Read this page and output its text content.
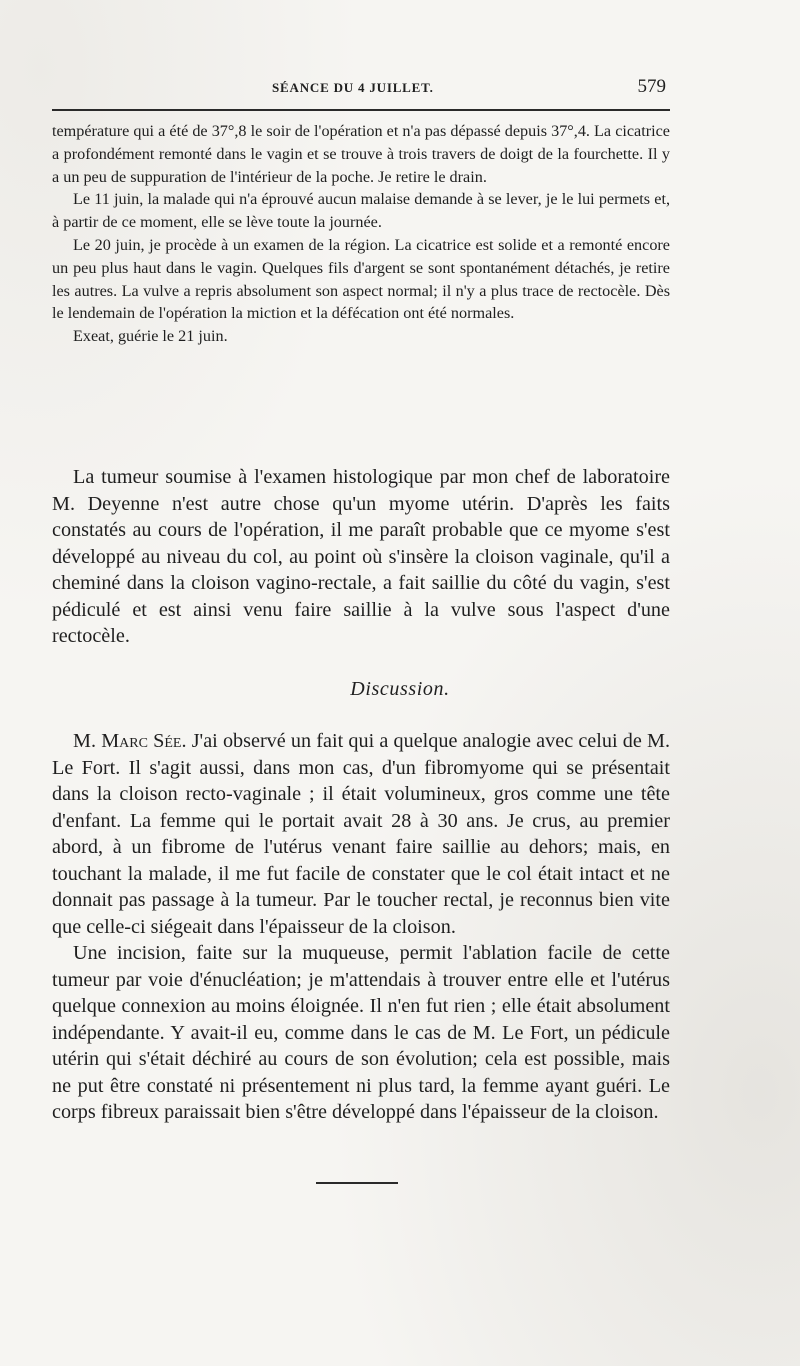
SÉANCE DU 4 JUILLET.	579

température qui a été de 37°,8 le soir de l'opération et n'a pas dépassé depuis 37°,4. La cicatrice a profondément remonté dans le vagin et se trouve à trois travers de doigt de la fourchette. Il y a un peu de suppuration de l'intérieur de la poche. Je retire le drain.

Le 11 juin, la malade qui n'a éprouvé aucun malaise demande à se lever, je le lui permets et, à partir de ce moment, elle se lève toute la journée.

Le 20 juin, je procède à un examen de la région. La cicatrice est solide et a remonté encore un peu plus haut dans le vagin. Quelques fils d'argent se sont spontanément détachés, je retire les autres. La vulve a repris absolument son aspect normal; il n'y a plus trace de rectocèle. Dès le lendemain de l'opération la miction et la défécation ont été normales.

Exeat, guérie le 21 juin.

La tumeur soumise à l'examen histologique par mon chef de laboratoire M. Deyenne n'est autre chose qu'un myome utérin. D'après les faits constatés au cours de l'opération, il me paraît probable que ce myome s'est développé au niveau du col, au point où s'insère la cloison vaginale, qu'il a cheminé dans la cloison vagino-rectale, a fait saillie du côté du vagin, s'est pédiculé et est ainsi venu faire saillie à la vulve sous l'aspect d'une rectocèle.

Discussion.

M. Marc Sée. J'ai observé un fait qui a quelque analogie avec celui de M. Le Fort. Il s'agit aussi, dans mon cas, d'un fibromyome qui se présentait dans la cloison recto-vaginale ; il était volumineux, gros comme une tête d'enfant. La femme qui le portait avait 28 à 30 ans. Je crus, au premier abord, à un fibrome de l'utérus venant faire saillie au dehors; mais, en touchant la malade, il me fut facile de constater que le col était intact et ne donnait pas passage à la tumeur. Par le toucher rectal, je reconnus bien vite que celle-ci siégeait dans l'épaisseur de la cloison.

Une incision, faite sur la muqueuse, permit l'ablation facile de cette tumeur par voie d'énucléation; je m'attendais à trouver entre elle et l'utérus quelque connexion au moins éloignée. Il n'en fut rien ; elle était absolument indépendante. Y avait-il eu, comme dans le cas de M. Le Fort, un pédicule utérin qui s'était déchiré au cours de son évolution; cela est possible, mais ne put être constaté ni présentement ni plus tard, la femme ayant guéri. Le corps fibreux paraissait bien s'être développé dans l'épaisseur de la cloison.
